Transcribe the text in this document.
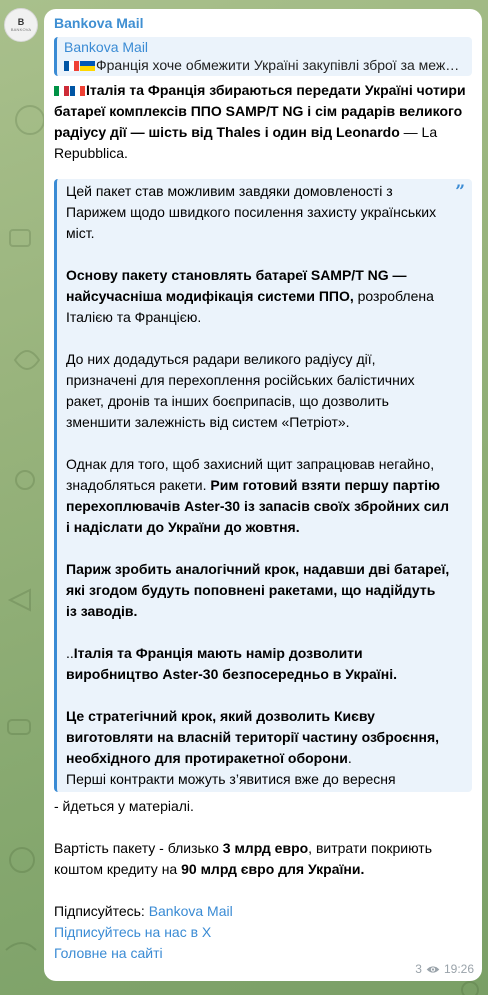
B
BANKOVA Bankova Mail
Bankova Mail
Франція хоче обмежити Україні закупівлі зброї за меж…
Італія та Франція збираються передати Україні чотири батареї комплексів ППО SAMP/T NG і сім радарів великого радіусу дії — шість від Thales і один від Leonardo — La Repubblica.
”

Цей пакет став можливим завдяки домовленості з Парижем щодо швидкого посилення захисту українських міст.

Основу пакету становлять батареї SAMP/T NG — найсучасніша модифікація системи ППО, розроблена Італією та Францією.

До них додадуться радари великого радіусу дії, призначені для перехоплення російських балістичних ракет, дронів та інших боєприпасів, що дозволить зменшити залежність від систем «Петріот».

Однак для того, щоб захисний щит запрацював негайно, знадобляться ракети. Рим готовий взяти першу партію перехоплювачів Aster-30 із запасів своїх збройних сил і надіслати до України до жовтня.

Париж зробить аналогічний крок, надавши дві батареї, які згодом будуть поповнені ракетами, що надійдуть із заводів.

..Італія та Франція мають намір дозволити виробництво Aster-30 безпосередньо в Україні.

Це стратегічний крок, який дозволить Києву виготовляти на власній території частину озброєння, необхідного для протиракетної оборони.
Перші контракти можуть з’явитися вже до вересня

- йдеться у матеріалі.
Вартість пакету - близько 3 млрд евро, витрати покриють коштом кредиту на 90 млрд євро для України.
Підписуйтесь: Bankova Mail
Підписуйтесь на нас в X
Головне на сайті
3 19:26
